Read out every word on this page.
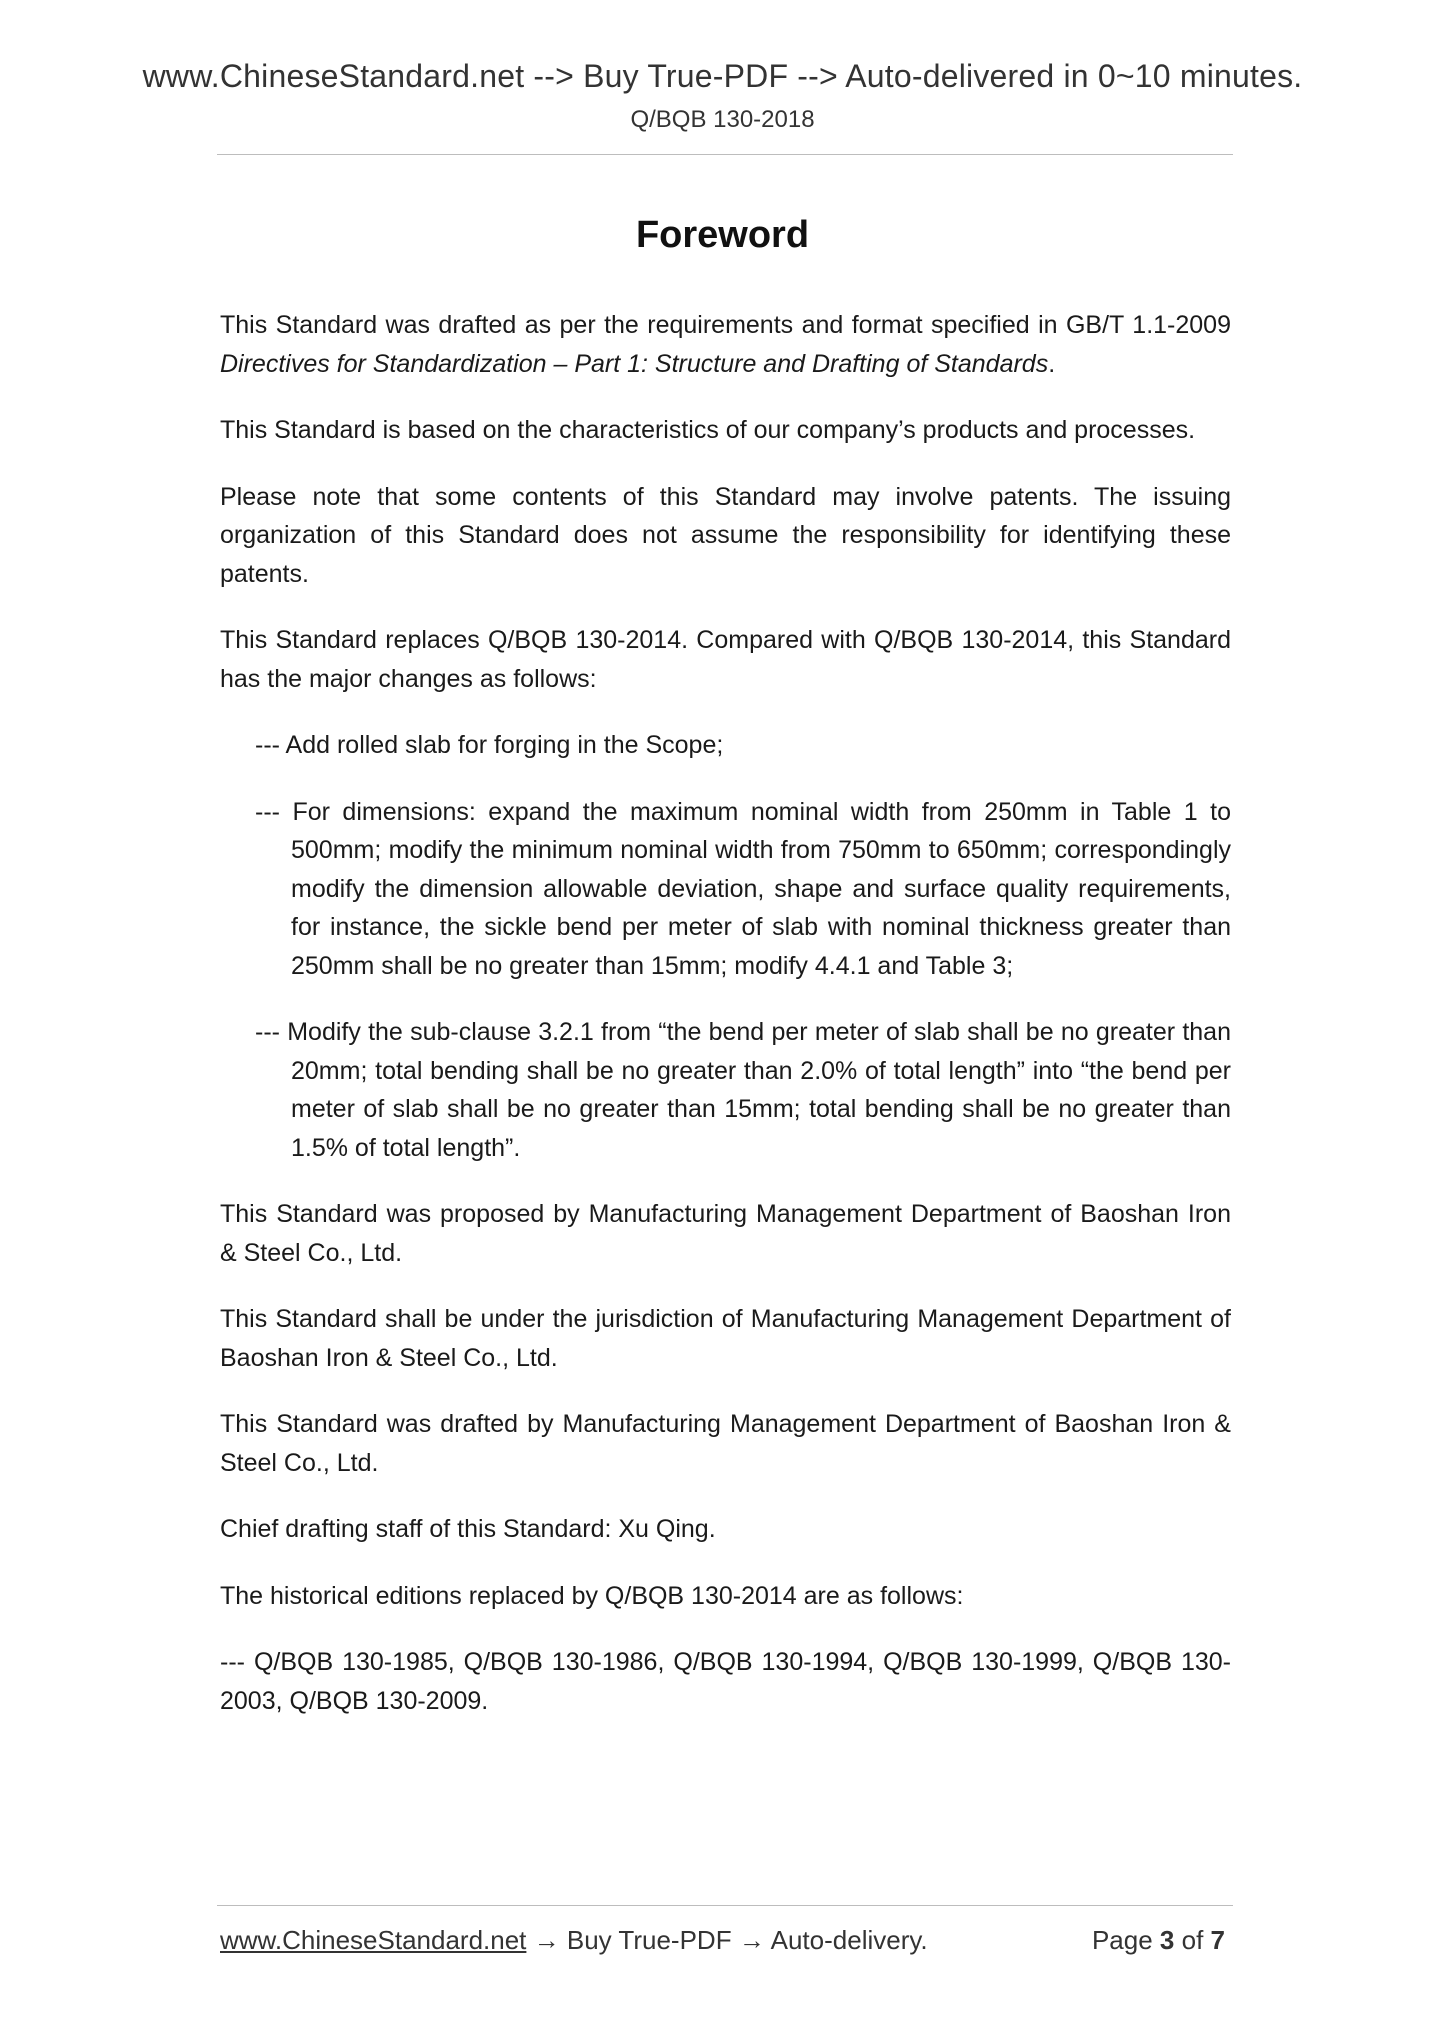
www.ChineseStandard.net --> Buy True-PDF --> Auto-delivered in 0~10 minutes.
Q/BQB 130-2018
Foreword

This Standard was drafted as per the requirements and format specified in GB/T 1.1-2009 Directives for Standardization – Part 1: Structure and Drafting of Standards.

This Standard is based on the characteristics of our company’s products and processes.

Please note that some contents of this Standard may involve patents. The issuing organization of this Standard does not assume the responsibility for identifying these patents.

This Standard replaces Q/BQB 130-2014. Compared with Q/BQB 130-2014, this Standard has the major changes as follows:

--- Add rolled slab for forging in the Scope;

--- For dimensions: expand the maximum nominal width from 250mm in Table 1 to 500mm; modify the minimum nominal width from 750mm to 650mm; correspondingly modify the dimension allowable deviation, shape and surface quality requirements, for instance, the sickle bend per meter of slab with nominal thickness greater than 250mm shall be no greater than 15mm; modify 4.4.1 and Table 3;

--- Modify the sub-clause 3.2.1 from “the bend per meter of slab shall be no greater than 20mm; total bending shall be no greater than 2.0% of total length” into “the bend per meter of slab shall be no greater than 15mm; total bending shall be no greater than 1.5% of total length”.

This Standard was proposed by Manufacturing Management Department of Baoshan Iron & Steel Co., Ltd.

This Standard shall be under the jurisdiction of Manufacturing Management Department of Baoshan Iron & Steel Co., Ltd.

This Standard was drafted by Manufacturing Management Department of Baoshan Iron & Steel Co., Ltd.

Chief drafting staff of this Standard: Xu Qing.

The historical editions replaced by Q/BQB 130-2014 are as follows:

--- Q/BQB 130-1985, Q/BQB 130-1986, Q/BQB 130-1994, Q/BQB 130-1999, Q/BQB 130-2003, Q/BQB 130-2009.

www.ChineseStandard.net → Buy True-PDF → Auto-delivery.	Page 3 of 7
